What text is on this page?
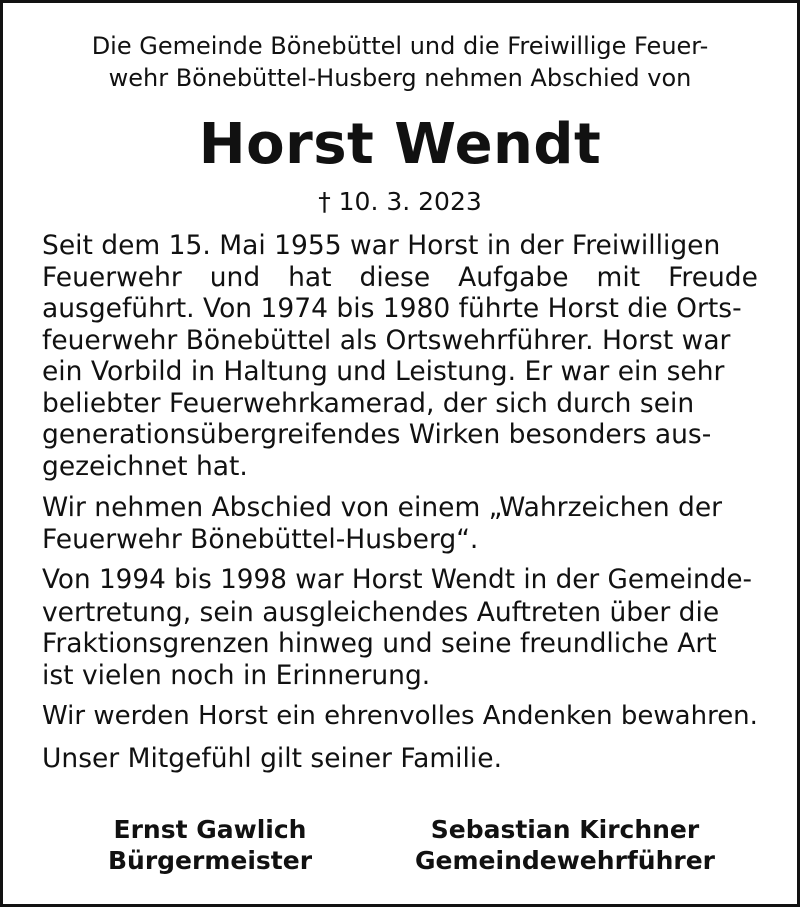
Die Gemeinde Bönebüttel und die Freiwillige Feuer-
wehr Bönebüttel-Husberg nehmen Abschied von
Horst Wendt
† 10. 3. 2023
Seit dem 15. Mai 1955 war Horst in der Freiwilligen
Feuerwehr und hat diese Aufgabe mit Freude
ausgeführt. Von 1974 bis 1980 führte Horst die Orts-
feuerwehr Bönebüttel als Ortswehrführer. Horst war
ein Vorbild in Haltung und Leistung. Er war ein sehr
beliebter Feuerwehrkamerad, der sich durch sein
generationsübergreifendes Wirken besonders aus-
gezeichnet hat.
Wir nehmen Abschied von einem „Wahrzeichen der
Feuerwehr Bönebüttel-Husberg“.
Von 1994 bis 1998 war Horst Wendt in der Gemeinde-
vertretung, sein ausgleichendes Auftreten über die
Fraktionsgrenzen hinweg und seine freundliche Art
ist vielen noch in Erinnerung.
Wir werden Horst ein ehrenvolles Andenken bewahren.
Unser Mitgefühl gilt seiner Familie.
Ernst Gawlich
Bürgermeister
Sebastian Kirchner
Gemeindewehrführer
